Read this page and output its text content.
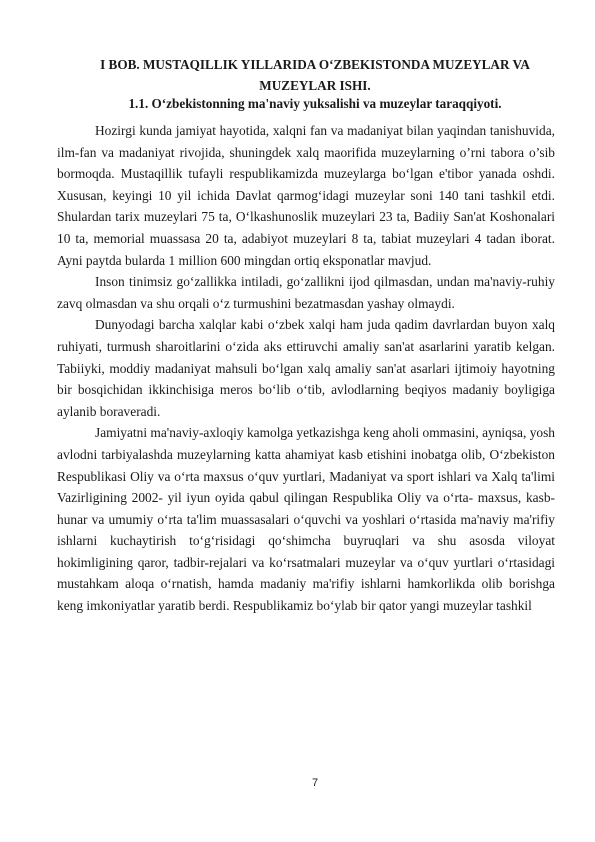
I BOB. MUSTAQILLIK YILLARIDA O‘ZBEKISTONDA MUZEYLAR VA MUZEYLAR ISHI.
1.1. O‘zbekistonning ma'naviy yuksalishi va muzeylar taraqqiyoti.

Hozirgi kunda jamiyat hayotida, xalqni fan va madaniyat bilan yaqindan tanishuvida, ilm-fan va madaniyat rivojida, shuningdek xalq maorifida muzeylarning o’rni tabora o’sib bormoqda. Mustaqillik tufayli respublikamizda muzeylarga bo‘lgan e'tibor yanada oshdi. Xususan, keyingi 10 yil ichida Davlat qarmog‘idagi muzeylar soni 140 tani tashkil etdi. Shulardan tarix muzeylari 75 ta, O‘lkashunoslik muzeylari 23 ta, Badiiy San'at Koshonalari 10 ta, memorial muassasa 20 ta, adabiyot muzeylari 8 ta, tabiat muzeylari 4 tadan iborat. Ayni paytda bularda 1 million 600 mingdan ortiq eksponatlar mavjud.

Inson tinimsiz go‘zallikka intiladi, go‘zallikni ijod qilmasdan, undan ma'naviy-ruhiy zavq olmasdan va shu orqali o‘z turmushini bezatmasdan yashay olmaydi.

Dunyodagi barcha xalqlar kabi o‘zbek xalqi ham juda qadim davrlardan buyon xalq ruhiyati, turmush sharoitlarini o‘zida aks ettiruvchi amaliy san'at asarlarini yaratib kelgan. Tabiiyki, moddiy madaniyat mahsuli bo‘lgan xalq amaliy san'at asarlari ijtimoiy hayotning bir bosqichidan ikkinchisiga meros bo‘lib o‘tib, avlodlarning beqiyos madaniy boyligiga aylanib boraveradi.

Jamiyatni ma'naviy-axloqiy kamolga yetkazishga keng aholi ommasini, ayniqsa, yosh avlodni tarbiyalashda muzeylarning katta ahamiyat kasb etishini inobatga olib, O‘zbekiston Respublikasi Oliy va o‘rta maxsus o‘quv yurtlari, Madaniyat va sport ishlari va Xalq ta'limi Vazirligining 2002- yil iyun oyida qabul qilingan Respublika Oliy va o‘rta- maxsus, kasb-hunar va umumiy o‘rta ta'lim muassasalari o‘quvchi va yoshlari o‘rtasida ma'naviy ma'rifiy ishlarni kuchaytirish to‘g‘risidagi qo‘shimcha buyruqlari va shu asosda viloyat hokimligining qaror, tadbir-rejalari va ko‘rsatmalari muzeylar va o‘quv yurtlari o‘rtasidagi mustahkam aloqa o‘rnatish, hamda madaniy ma'rifiy ishlarni hamkorlikda olib borishga keng imkoniyatlar yaratib berdi. Respublikamiz bo‘ylab bir qator yangi muzeylar tashkil

7
